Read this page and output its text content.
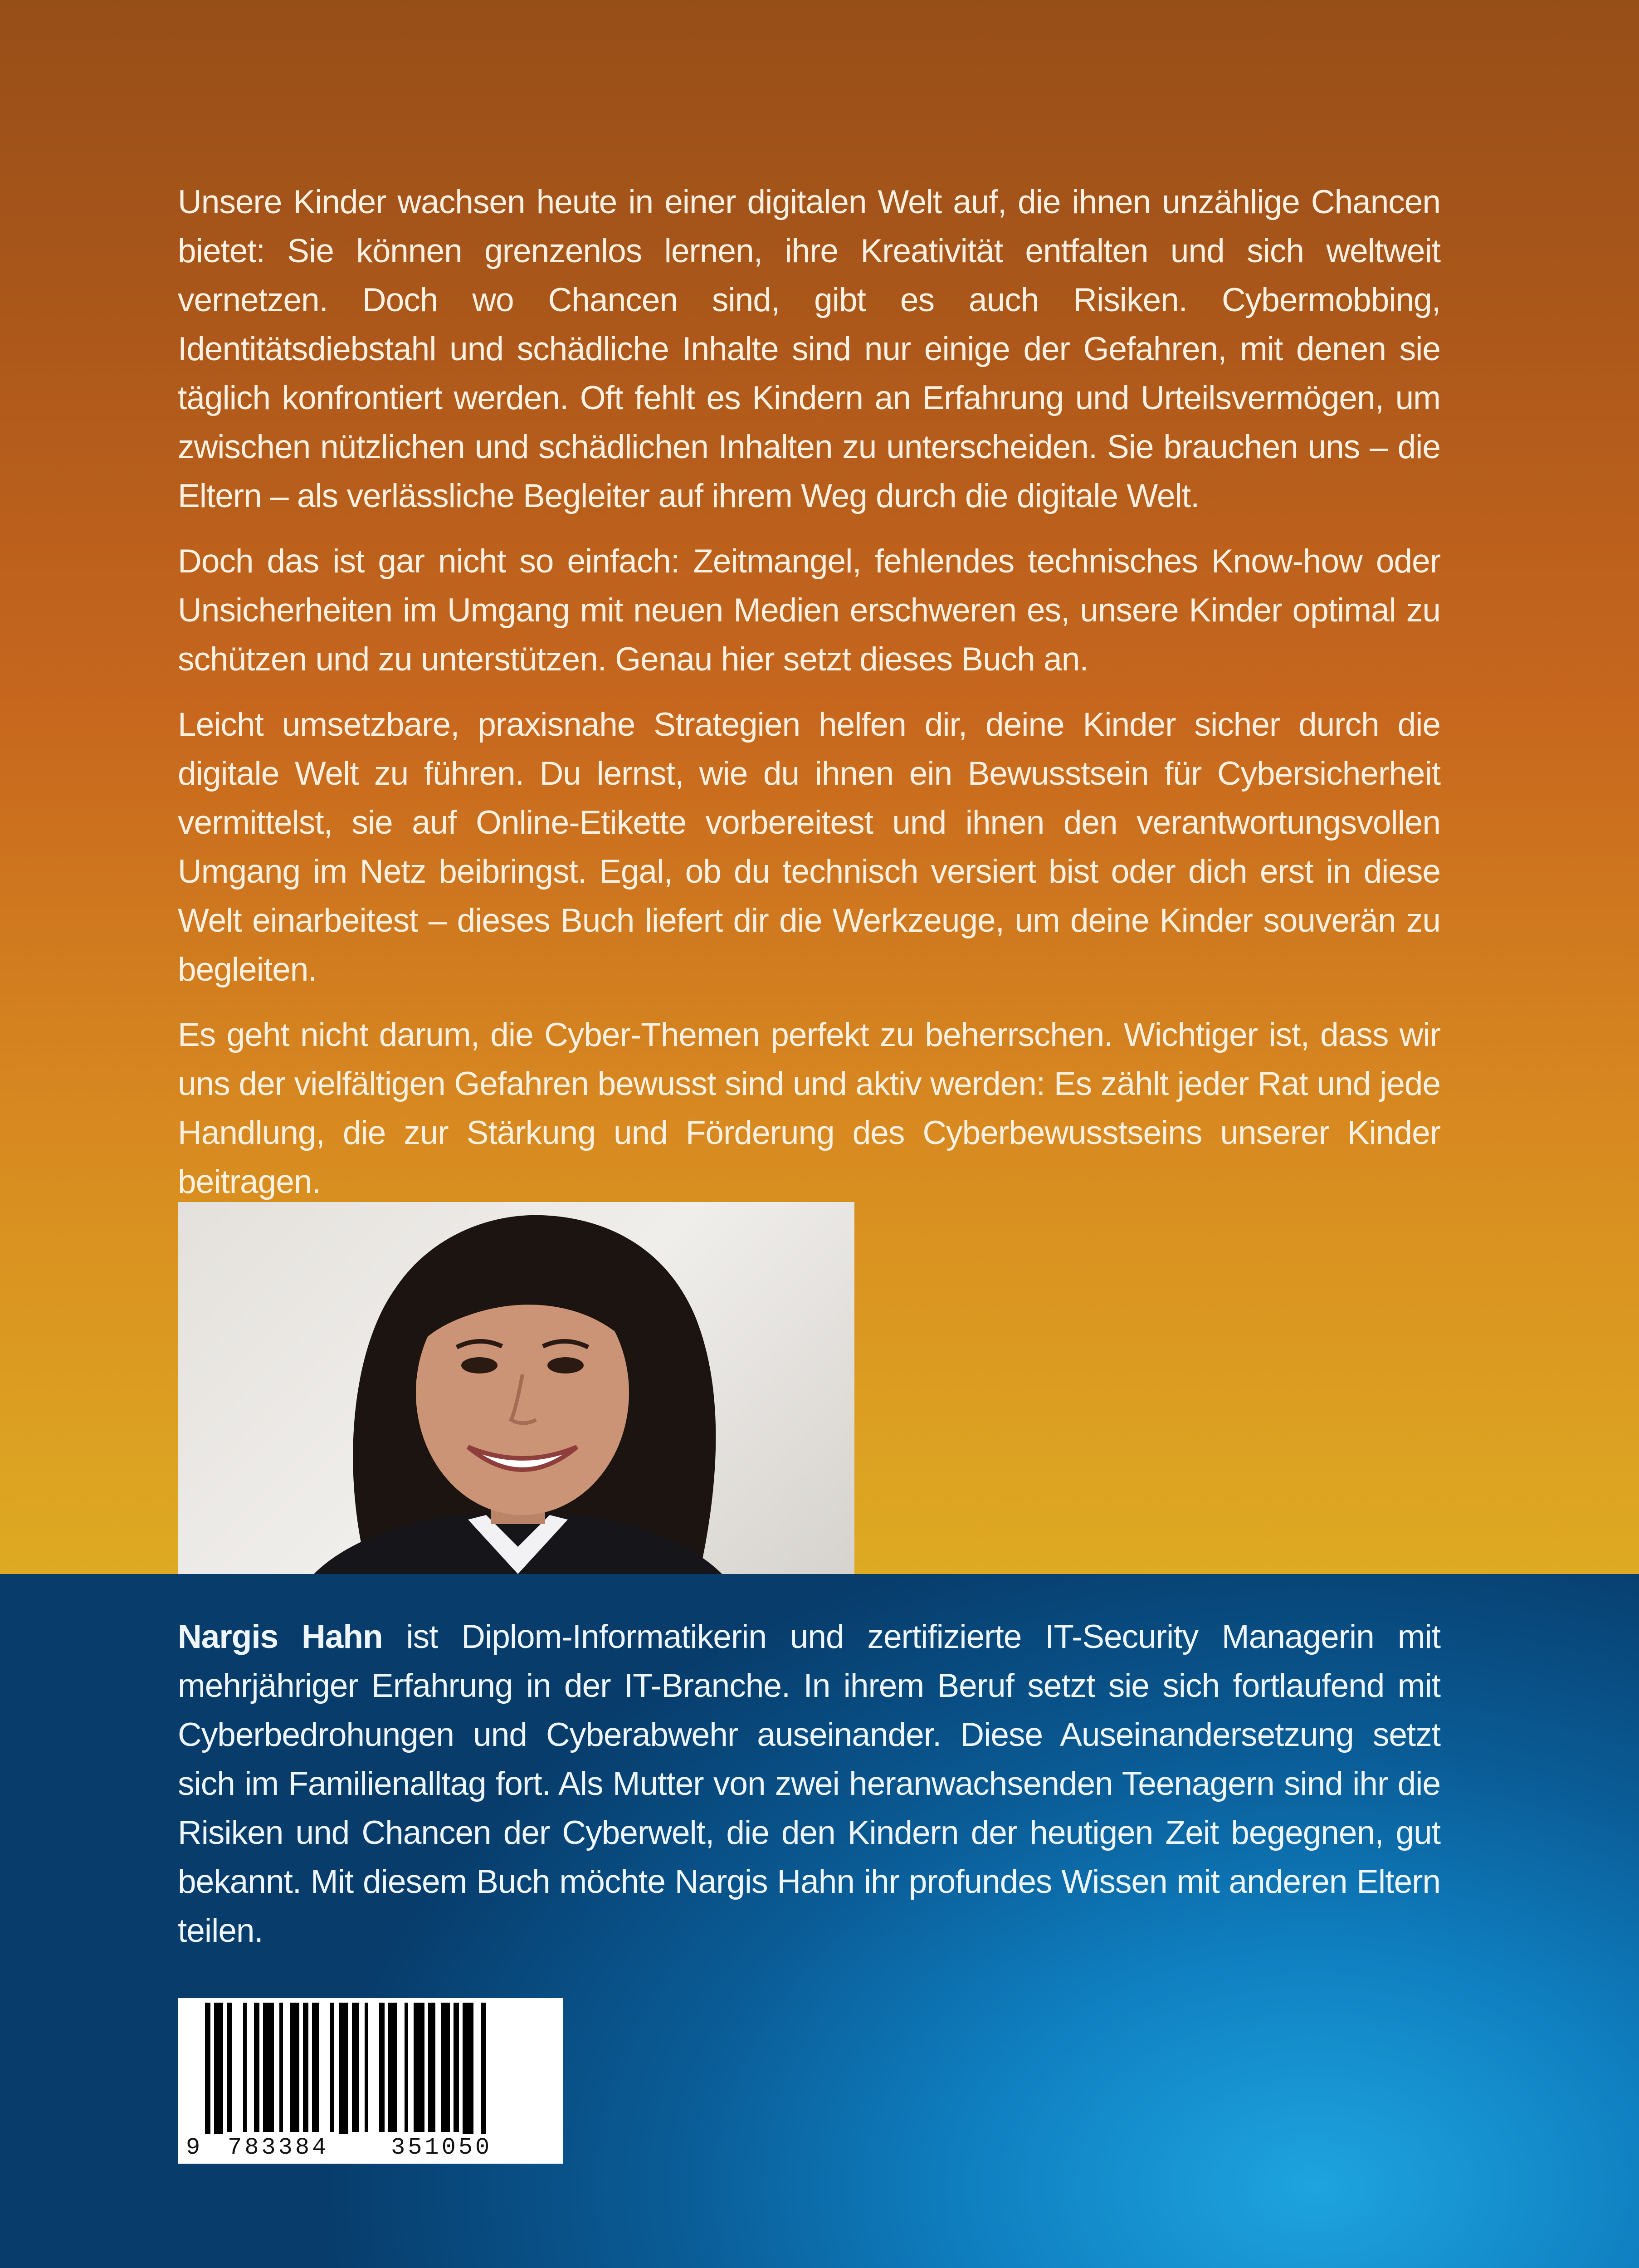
Unsere Kinder wachsen heute in einer digitalen Welt auf, die ihnen unzählige Chancen bietet: Sie können grenzenlos lernen, ihre Kreativität entfalten und sich weltweit vernetzen. Doch wo Chancen sind, gibt es auch Risiken. Cybermobbing, Identitätsdiebstahl und schädliche Inhalte sind nur einige der Gefahren, mit denen sie täglich konfrontiert werden. Oft fehlt es Kindern an Erfahrung und Urteilsvermögen, um zwischen nützlichen und schädlichen Inhalten zu unterscheiden. Sie brauchen uns – die Eltern – als verlässliche Begleiter auf ihrem Weg durch die digitale Welt.

Doch das ist gar nicht so einfach: Zeitmangel, fehlendes technisches Know-how oder Unsicherheiten im Umgang mit neuen Medien erschweren es, unsere Kinder optimal zu schützen und zu unterstützen. Genau hier setzt dieses Buch an.

Leicht umsetzbare, praxisnahe Strategien helfen dir, deine Kinder sicher durch die digitale Welt zu führen. Du lernst, wie du ihnen ein Bewusstsein für Cybersicherheit vermittelst, sie auf Online-Etikette vorbereitest und ihnen den verantwortungsvollen Umgang im Netz beibringst. Egal, ob du technisch versiert bist oder dich erst in diese Welt einarbeitest – dieses Buch liefert dir die Werkzeuge, um deine Kinder souverän zu begleiten.

Es geht nicht darum, die Cyber-Themen perfekt zu beherrschen. Wichtiger ist, dass wir uns der vielfältigen Gefahren bewusst sind und aktiv werden: Es zählt jeder Rat und jede Handlung, die zur Stärkung und Förderung des Cyberbewusstseins unserer Kinder beitragen.

Nargis Hahn ist Diplom-Informatikerin und zertifizierte IT-Security Managerin mit mehrjähriger Erfahrung in der IT-Branche. In ihrem Beruf setzt sie sich fortlaufend mit Cyberbedrohungen und Cyberabwehr auseinander. Diese Auseinandersetzung setzt sich im Familienalltag fort. Als Mutter von zwei heranwachsenden Teenagern sind ihr die Risiken und Chancen der Cyberwelt, die den Kindern der heutigen Zeit begegnen, gut bekannt. Mit diesem Buch möchte Nargis Hahn ihr profundes Wissen mit anderen Eltern teilen.
9 783384	351050
